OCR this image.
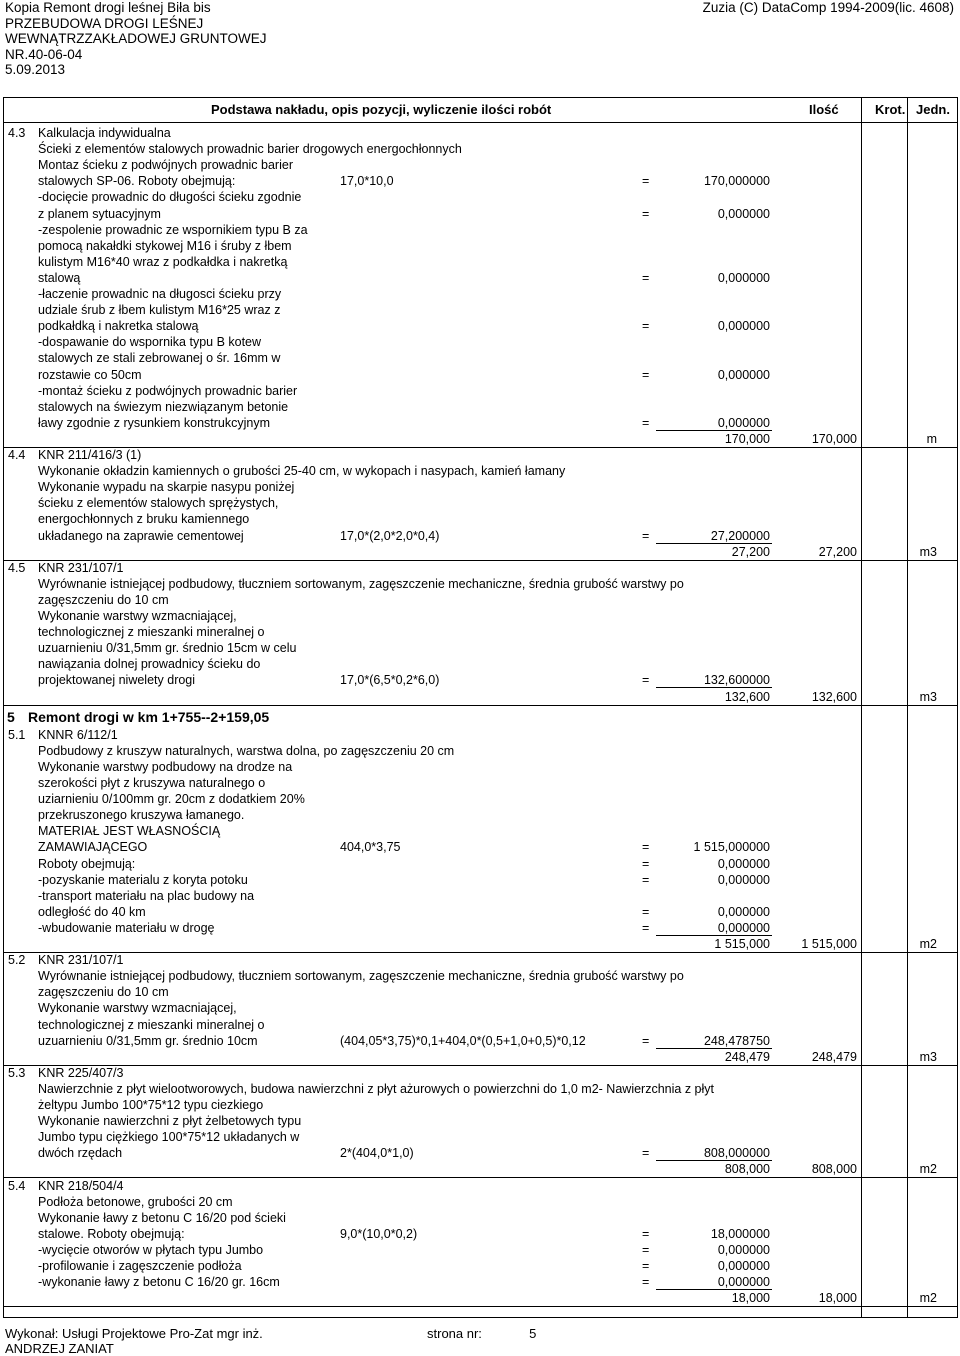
Kopia Remont drogi leśnej Biła bis
PRZEBUDOWA DROGI LEŚNEJ
WEWNĄTRZZAKŁADOWEJ GRUNTOWEJ
NR.40-06-04
5.09.2013
Zuzia (C) DataComp 1994-2009(lic. 4608)
Podstawa nakładu, opis pozycji, wyliczenie ilości robót	Ilość	Krot. Jedn.
4.3 Kalkulacja indywidualna
Ścieki z elementów stalowych prowadnic barier drogowych energochłonnych
Montaz ścieku z podwójnych prowadnic barier
stalowych SP-06. Roboty obejmują:	17,0*10,0	=	170,000000
-docięcie prowadnic do długości ścieku zgodnie
z planem sytuacyjnym	=	0,000000
-zespolenie prowadnic ze wspornikiem typu B za
pomocą nakałdki stykowej M16 i śruby z łbem
kulistym M16*40 wraz z podkałdka i nakretką
stalową	=	0,000000
-łaczenie prowadnic na długosci ścieku przy
udziale śrub z łbem kulistym M16*25 wraz z
podkałdką i nakretka stalową	=	0,000000
-dospawanie do wspornika typu B kotew
stalowych ze stali zebrowanej o śr. 16mm w
rozstawie co 50cm	=	0,000000
-montaż ścieku z podwójnych prowadnic barier
stalowych na świezym niezwiązanym betonie
ławy zgodnie z rysunkiem konstrukcyjnym	=	0,000000
170,000	170,000	m
4.4 KNR 211/416/3 (1)
Wykonanie okładzin kamiennych o grubości 25-40 cm, w wykopach i nasypach, kamień łamany
Wykonanie wypadu na skarpie nasypu poniżej
ścieku z elementów stalowych sprężystych,
energochłonnych z bruku kamiennego
układanego na zaprawie cementowej	17,0*(2,0*2,0*0,4)	=	27,200000
27,200	27,200	m3
4.5 KNR 231/107/1
Wyrównanie istniejącej podbudowy, tłuczniem sortowanym, zagęszczenie mechaniczne, średnia grubość warstwy po
zagęszczeniu do 10 cm
Wykonanie warstwy wzmacniającej,
technologicznej z mieszanki mineralnej o
uzuarnieniu 0/31,5mm gr. średnio 15cm w celu
nawiązania dolnej prowadnicy ścieku do
projektowanej niwelety drogi	17,0*(6,5*0,2*6,0)	=	132,600000
132,600	132,600	m3
5 Remont drogi w km 1+755--2+159,05
5.1 KNNR 6/112/1
Podbudowy z kruszyw naturalnych, warstwa dolna, po zagęszczeniu 20 cm
Wykonanie warstwy podbudowy na drodze na
szerokości płyt z kruszywa naturalnego o
uziarnieniu 0/100mm gr. 20cm z dodatkiem 20%
przekruszonego kruszywa łamanego.
MATERIAŁ JEST WŁASNOŚCIĄ
ZAMAWIAJĄCEGO	404,0*3,75	=	1 515,000000
Roboty obejmują:	=	0,000000
-pozyskanie materialu z koryta potoku	=	0,000000
-transport materiału na plac budowy na
odległość do 40 km	=	0,000000
-wbudowanie materiału w drogę	=	0,000000
1 515,000	1 515,000	m2
5.2 KNR 231/107/1
Wyrównanie istniejącej podbudowy, tłuczniem sortowanym, zagęszczenie mechaniczne, średnia grubość warstwy po
zagęszczeniu do 10 cm
Wykonanie warstwy wzmacniającej,
technologicznej z mieszanki mineralnej o
uzuarnieniu 0/31,5mm gr. średnio 10cm	(404,05*3,75)*0,1+404,0*(0,5+1,0+0,5)*0,12	=	248,478750
248,479	248,479	m3
5.3 KNR 225/407/3
Nawierzchnie z płyt wielootworowych, budowa nawierzchni z płyt ażurowych o powierzchni do 1,0 m2- Nawierzchnia z płyt
żeltypu Jumbo 100*75*12 typu ciezkiego
Wykonanie nawierzchni z płyt żelbetowych typu
Jumbo typu ciężkiego 100*75*12 układanych w
dwóch rzędach	2*(404,0*1,0)	=	808,000000
808,000	808,000	m2
5.4 KNR 218/504/4
Podłoża betonowe, grubości 20 cm
Wykonanie ławy z betonu C 16/20 pod ścieki
stalowe. Roboty obejmują:	9,0*(10,0*0,2)	=	18,000000
-wycięcie otworów w płytach typu Jumbo	=	0,000000
-profilowanie i zagęszczenie podłoża	=	0,000000
-wykonanie ławy z betonu C 16/20 gr. 16cm	=	0,000000
18,000	18,000	m2
Wykonał: Usługi Projektowe Pro-Zat mgr inż.
ANDRZEJ ZANIAT
strona nr:	5
